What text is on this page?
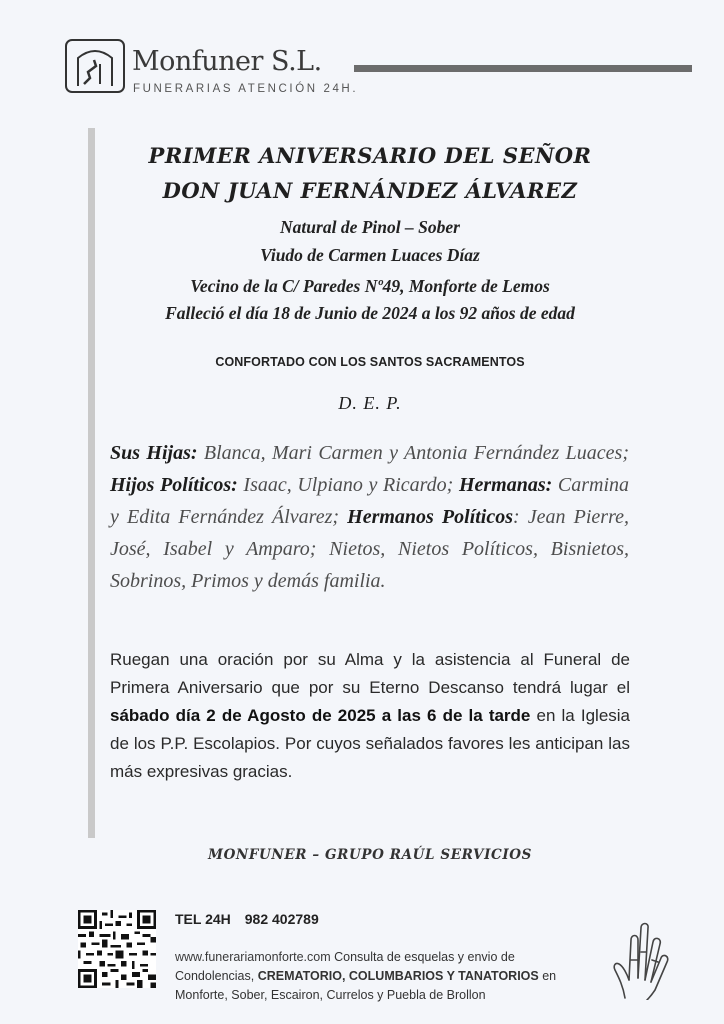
Monfuner S.L.
FUNERARIAS ATENCIÓN 24H.
PRIMER ANIVERSARIO DEL SEÑOR
DON JUAN FERNÁNDEZ ÁLVAREZ
Natural de Pinol – Sober
Viudo de Carmen Luaces Díaz
Vecino de la C/ Paredes Nº49, Monforte de Lemos
Falleció el día 18 de Junio de 2024 a los 92 años de edad
CONFORTADO CON LOS SANTOS SACRAMENTOS
D. E. P.
Sus Hijas: Blanca, Mari Carmen y Antonia Fernández Luaces; Hijos Políticos: Isaac, Ulpiano y Ricardo; Hermanas: Carmina y Edita Fernández Álvarez; Hermanos Políticos: Jean Pierre, José, Isabel y Amparo; Nietos, Nietos Políticos, Bisnietos, Sobrinos, Primos y demás familia.
Ruegan una oración por su Alma y la asistencia al Funeral de Primera Aniversario que por su Eterno Descanso tendrá lugar el sábado día 2 de Agosto de 2025 a las 6 de la tarde en la Iglesia de los P.P. Escolapios. Por cuyos señalados favores les anticipan las más expresivas gracias.
MONFUNER – GRUPO RAÚL SERVICIOS
TEL 24H 982 402789
www.funerariamonforte.com Consulta de esquelas y envio de Condolencias, CREMATORIO, COLUMBARIOS Y TANATORIOS en Monforte, Sober, Escairon, Currelos y Puebla de Brollon
